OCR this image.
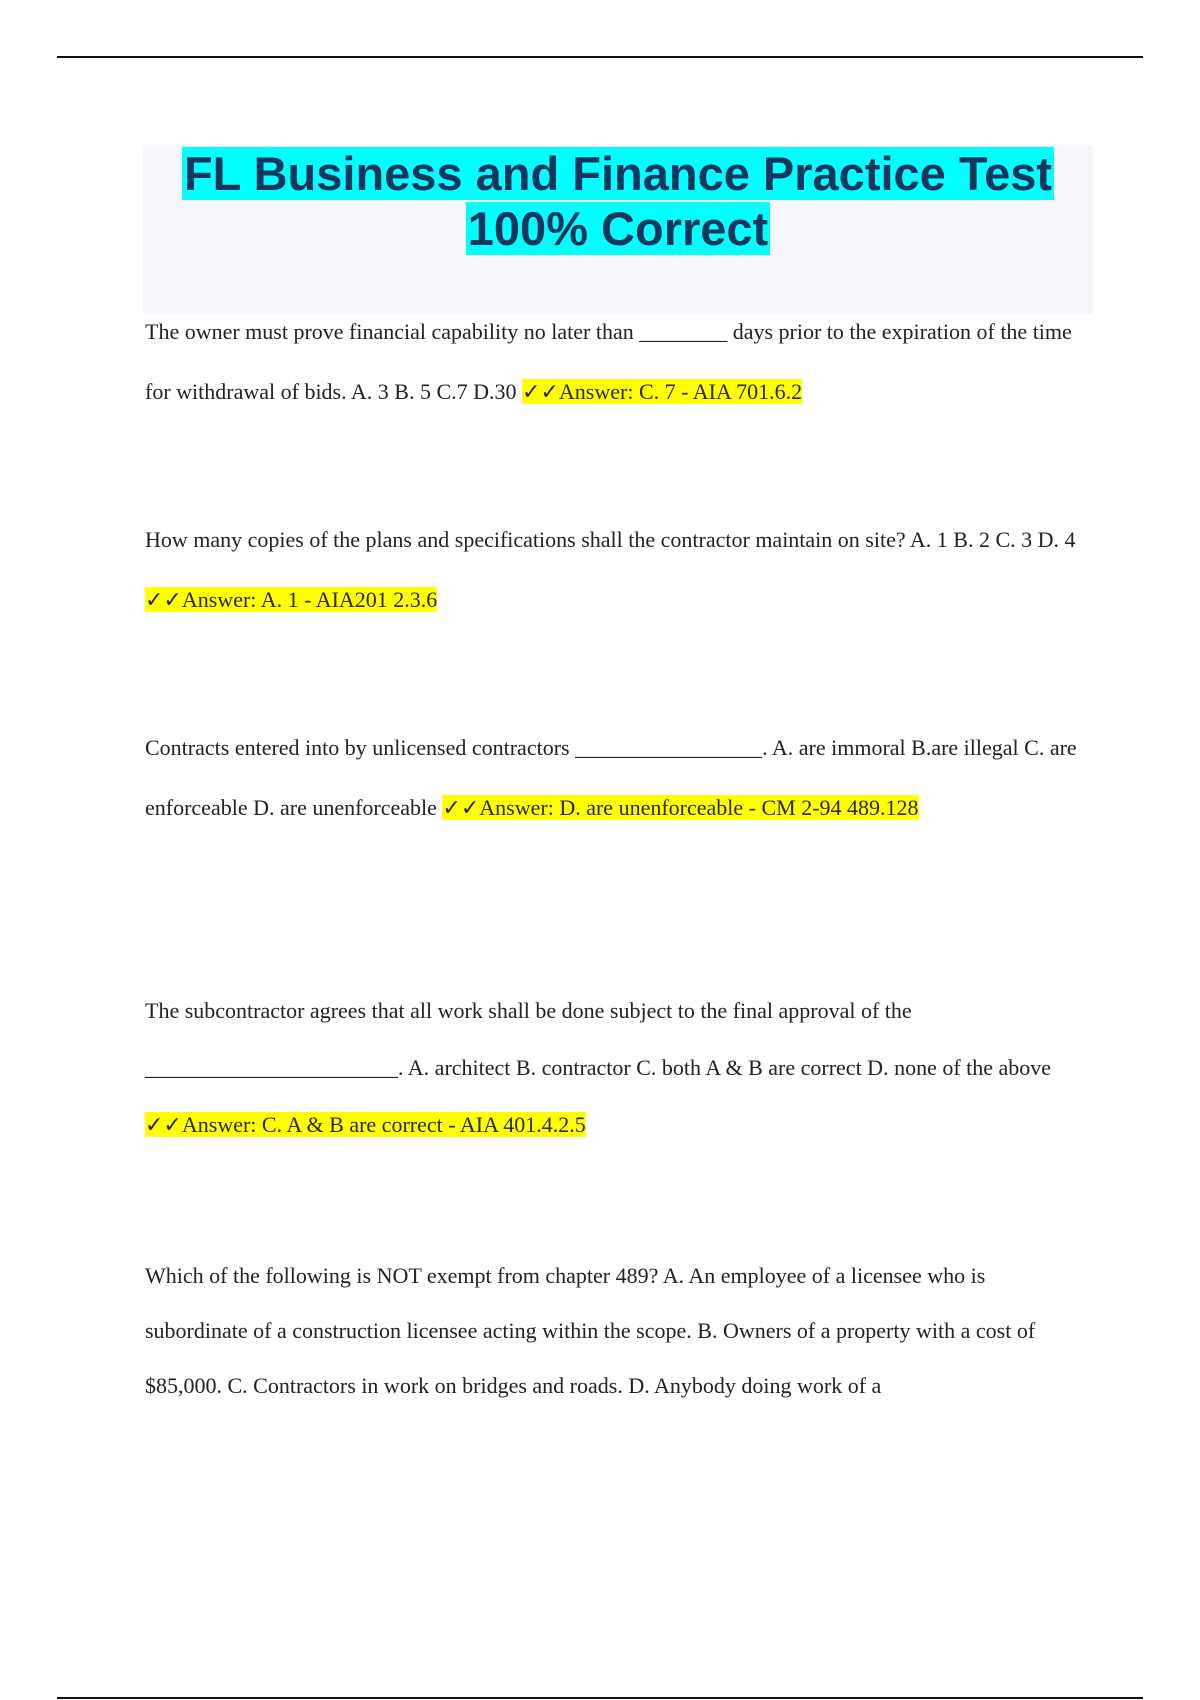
FL Business and Finance Practice Test
100% Correct

The owner must prove financial capability no later than ________ days prior to the expiration of the time for withdrawal of bids. A. 3 B. 5 C.7 D.30 ✓✓Answer: C. 7 - AIA 701.6.2

How many copies of the plans and specifications shall the contractor maintain on site? A. 1 B. 2 C. 3 D. 4 ✓✓Answer: A. 1 - AIA201 2.3.6

Contracts entered into by unlicensed contractors _________________. A. are immoral B.are illegal C. are enforceable D. are unenforceable ✓✓Answer: D. are unenforceable - CM 2-94 489.128

The subcontractor agrees that all work shall be done subject to the final approval of the _______________________. A. architect B. contractor C. both A & B are correct D. none of the above ✓✓Answer: C. A & B are correct - AIA 401.4.2.5

Which of the following is NOT exempt from chapter 489? A. An employee of a licensee who is subordinate of a construction licensee acting within the scope. B. Owners of a property with a cost of $85,000. C. Contractors in work on bridges and roads. D. Anybody doing work of a
